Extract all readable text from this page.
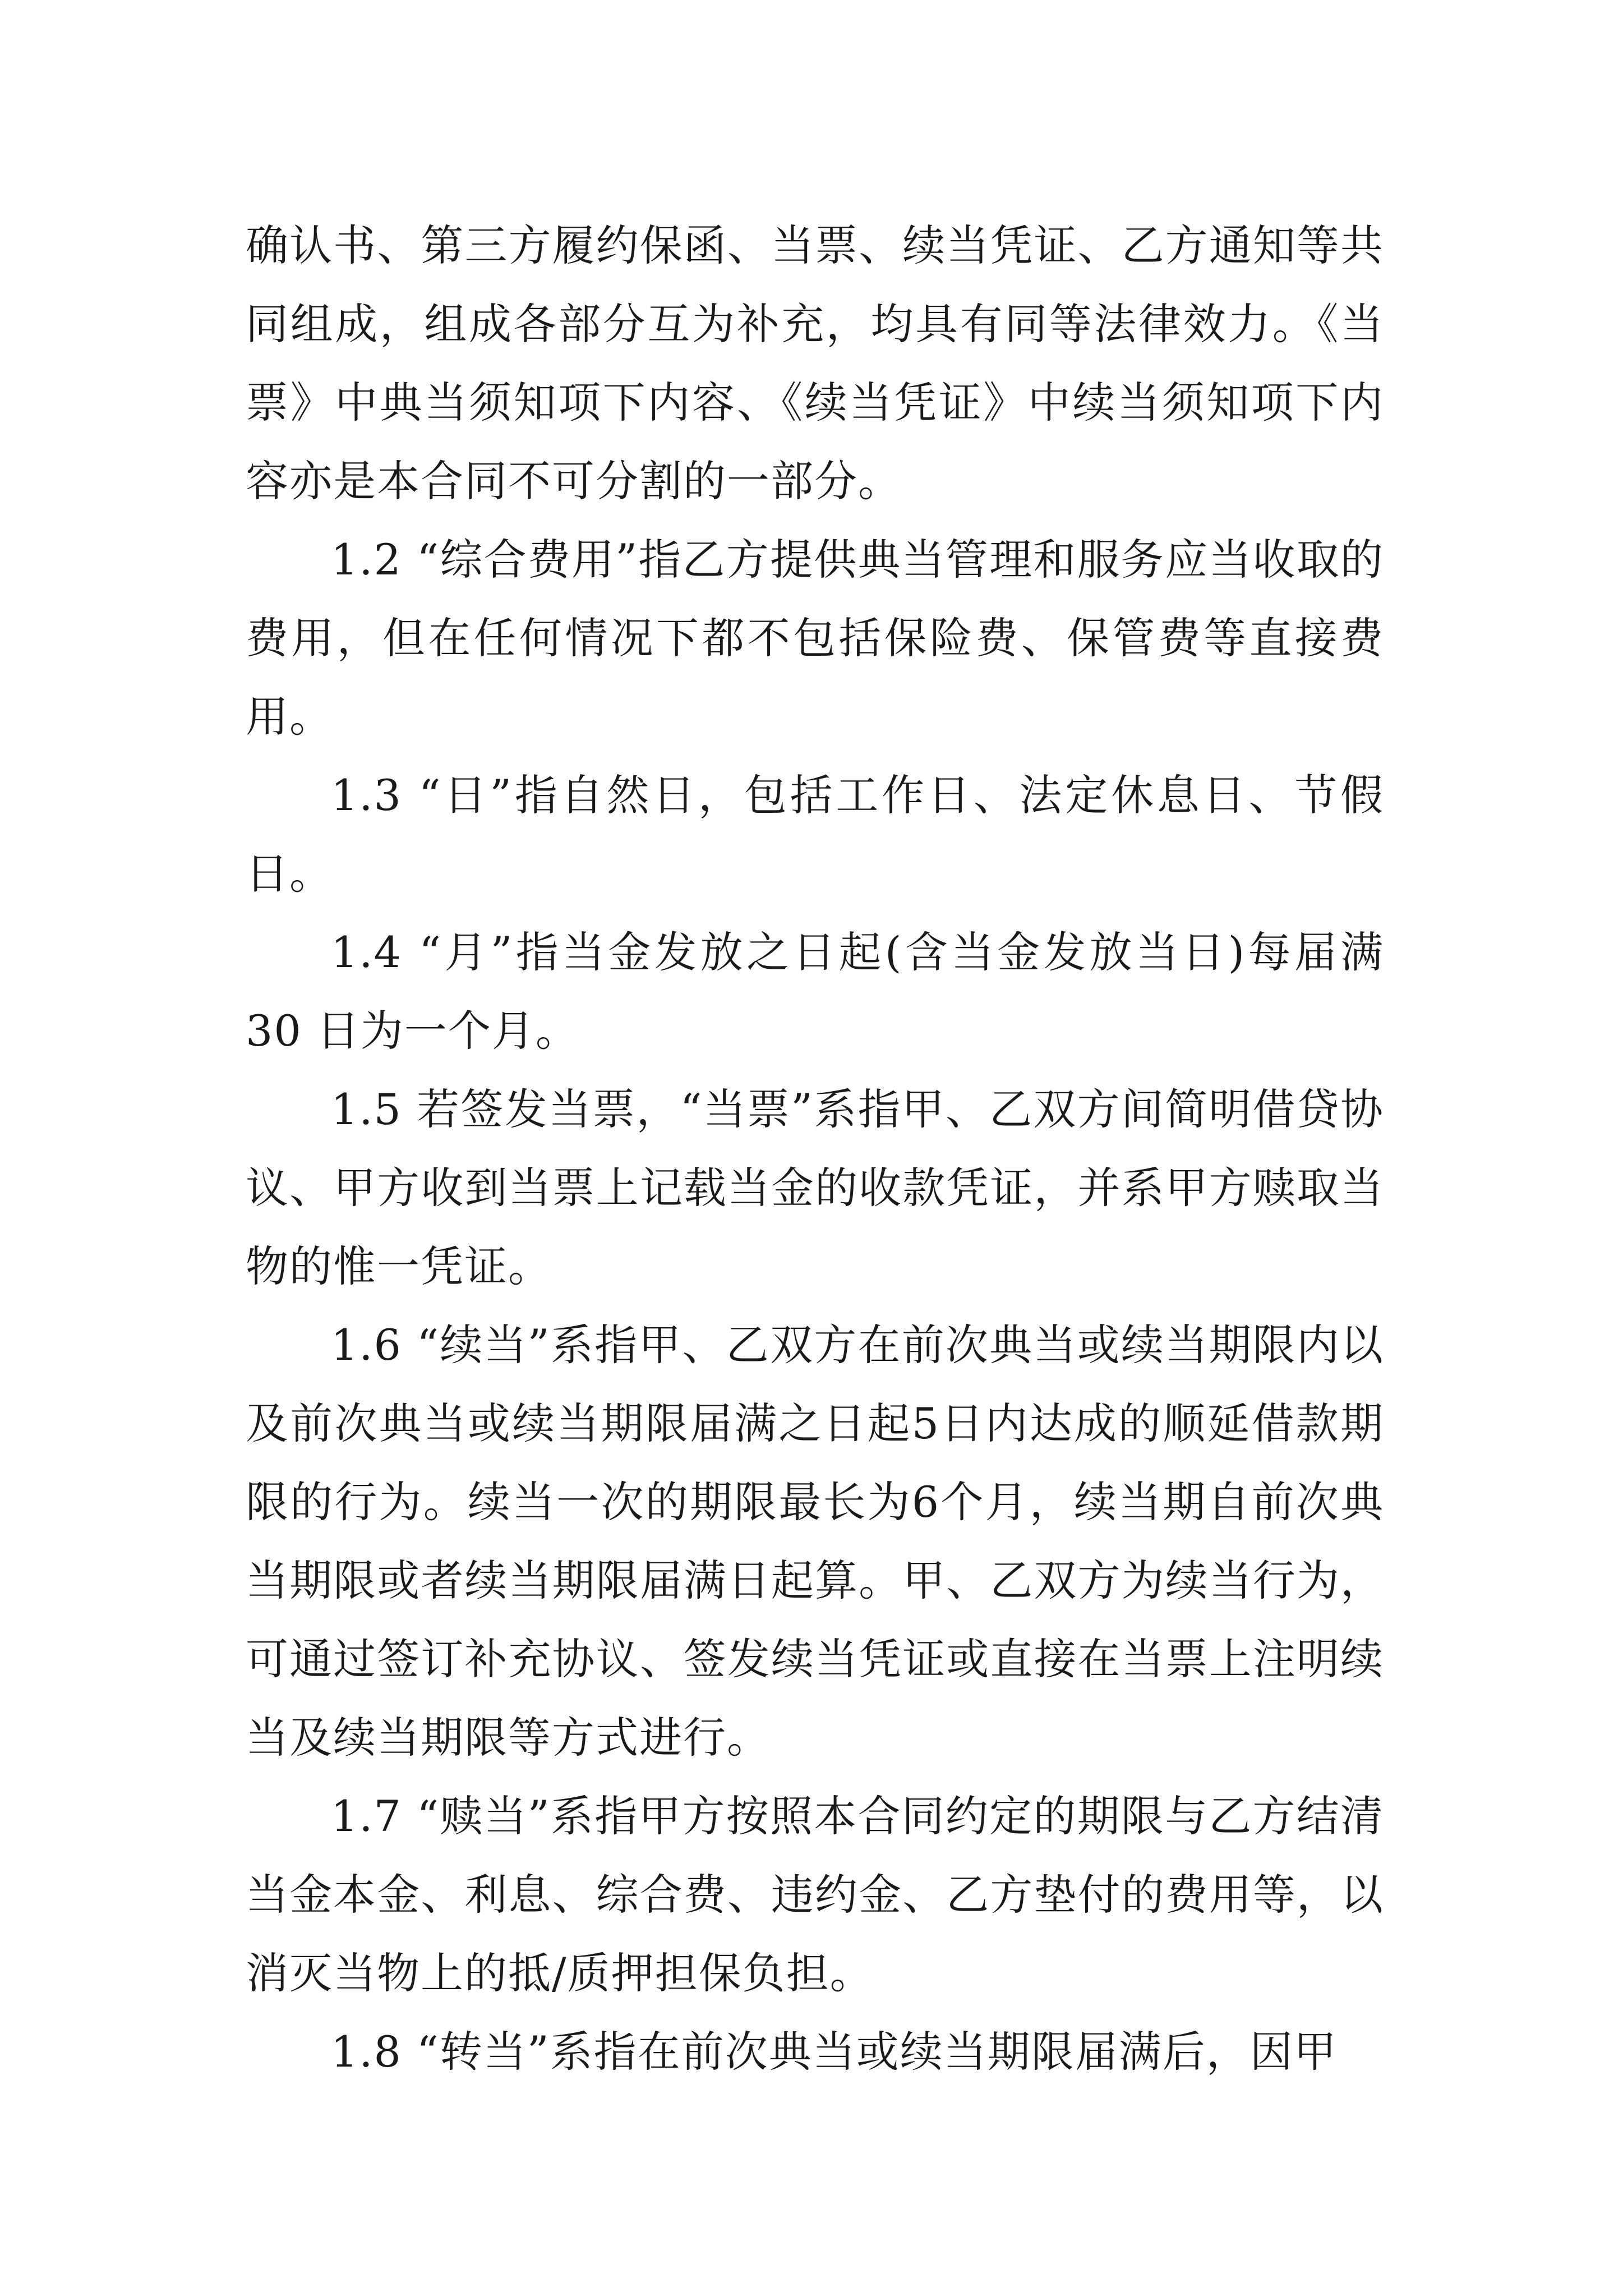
确认书、第三方履约保函、当票、续当凭证、乙方通知等共同组成，组成各部分互为补充，均具有同等法律效力。《当票》中典当须知项下内容、《续当凭证》中续当须知项下内容亦是本合同不可分割的一部分。

1.2 “综合费用”指乙方提供典当管理和服务应当收取的费用，但在任何情况下都不包括保险费、保管费等直接费用。

1.3 “日”指自然日，包括工作日、法定休息日、节假日。

1.4 “月”指当金发放之日起(含当金发放当日)每届满30 日为一个月。

1.5 若签发当票，“当票”系指甲、乙双方间简明借贷协议、甲方收到当票上记载当金的收款凭证，并系甲方赎取当物的惟一凭证。

1.6 “续当”系指甲、乙双方在前次典当或续当期限内以及前次典当或续当期限届满之日起5日内达成的顺延借款期限的行为。续当一次的期限最长为6个月，续当期自前次典当期限或者续当期限届满日起算。甲、乙双方为续当行为，可通过签订补充协议、签发续当凭证或直接在当票上注明续当及续当期限等方式进行。

1.7 “赎当”系指甲方按照本合同约定的期限与乙方结清当金本金、利息、综合费、违约金、乙方垫付的费用等，以消灭当物上的抵/质押担保负担。

1.8 “转当”系指在前次典当或续当期限届满后，因甲
